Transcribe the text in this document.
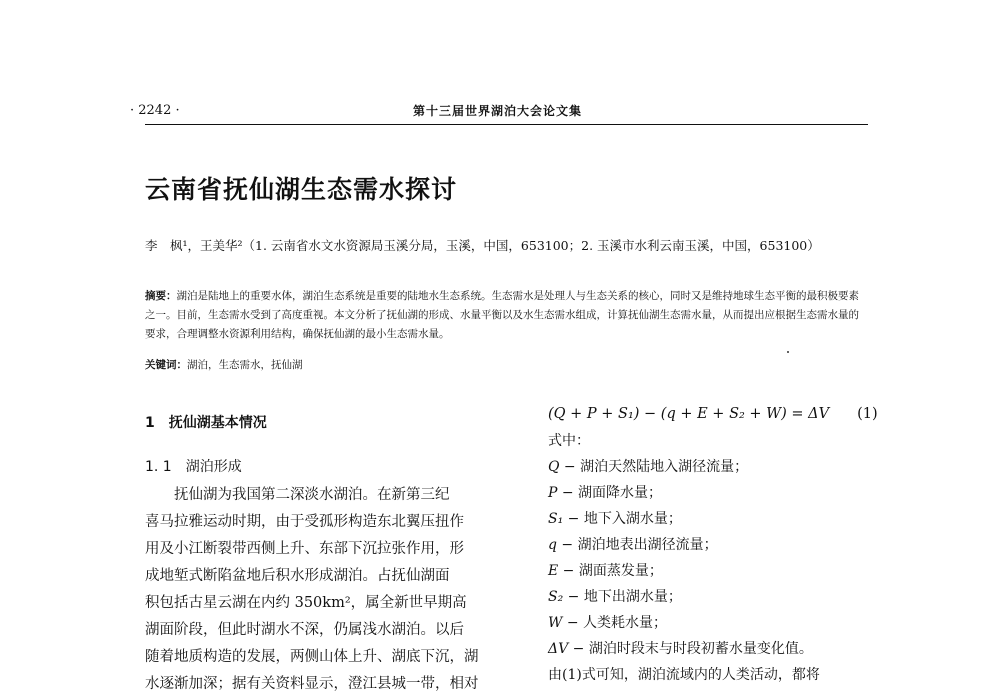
· 2242 ·	第十三届世界湖泊大会论文集
云南省抚仙湖生态需水探讨
李　枫¹，王美华²（1. 云南省水文水资源局玉溪分局，玉溪，中国，653100；2. 玉溪市水利云南玉溪，中国，653100）
摘要：湖泊是陆地上的重要水体，湖泊生态系统是重要的陆地水生态系统。生态需水是处理人与生态关系的核心，同时又是维持地球生态平衡的最积极要素之一。目前，生态需水受到了高度重视。本文分析了抚仙湖的形成、水量平衡以及水生态需水组成，计算抚仙湖生态需水量，从而提出应根据生态需水量的要求，合理调整水资源利用结构，确保抚仙湖的最小生态需水量。
关键词：湖泊，生态需水，抚仙湖
1　抚仙湖基本情况
1. 1　湖泊形成
　　抚仙湖为我国第二深淡水湖泊。在新第三纪
喜马拉雅运动时期，由于受孤形构造东北翼压扭作
用及小江断裂带西侧上升、东部下沉拉张作用，形
成地堑式断陷盆地后积水形成湖泊。占抚仙湖面
积包括古星云湖在内约 350km²，属全新世早期高
湖面阶段，但此时湖水不深，仍属浅水湖泊。以后
随着地质构造的发展，两侧山体上升、湖底下沉，湖
水逐渐加深；据有关资料显示，澄江县城一带，相对
(Q + P + S₁) − (q + E + S₂ + W) = ΔV (1)
式中：
Q − 湖泊天然陆地入湖径流量；
P − 湖面降水量；
S₁ − 地下入湖水量；
q − 湖泊地表出湖径流量；
E − 湖面蒸发量；
S₂ − 地下出湖水量；
W − 人类耗水量；
ΔV − 湖泊时段末与时段初蓄水量变化值。
由(1)式可知，湖泊流域内的人类活动，都将
